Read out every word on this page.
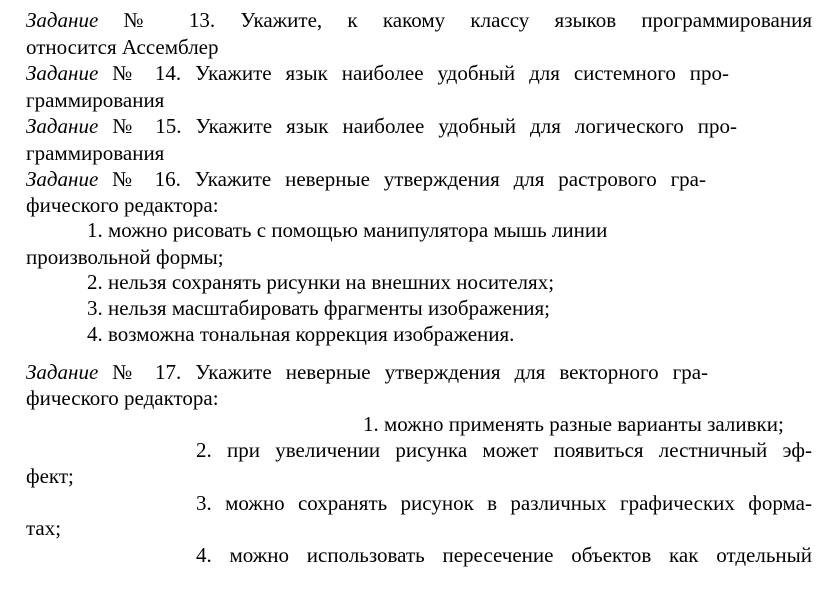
Задание № 13. Укажите, к какому классу языков программирования
относится Ассемблер
Задание № 14. Укажите язык наиболее удобный для системного про-
граммирования
Задание № 15. Укажите язык наиболее удобный для логического про-
граммирования
Задание № 16. Укажите неверные утверждения для растрового гра-
фического редактора:
1. можно рисовать с помощью манипулятора мышь линии
произвольной формы;
2. нельзя сохранять рисунки на внешних носителях;
3. нельзя масштабировать фрагменты изображения;
4. возможна тональная коррекция изображения.
Задание № 17. Укажите неверные утверждения для векторного гра-
фического редактора:
1. можно применять разные варианты заливки;
2. при увеличении рисунка может появиться лестничный эф-
фект;
3. можно сохранять рисунок в различных графических форма-
тах;
4. можно использовать пересечение объектов как отдельный
